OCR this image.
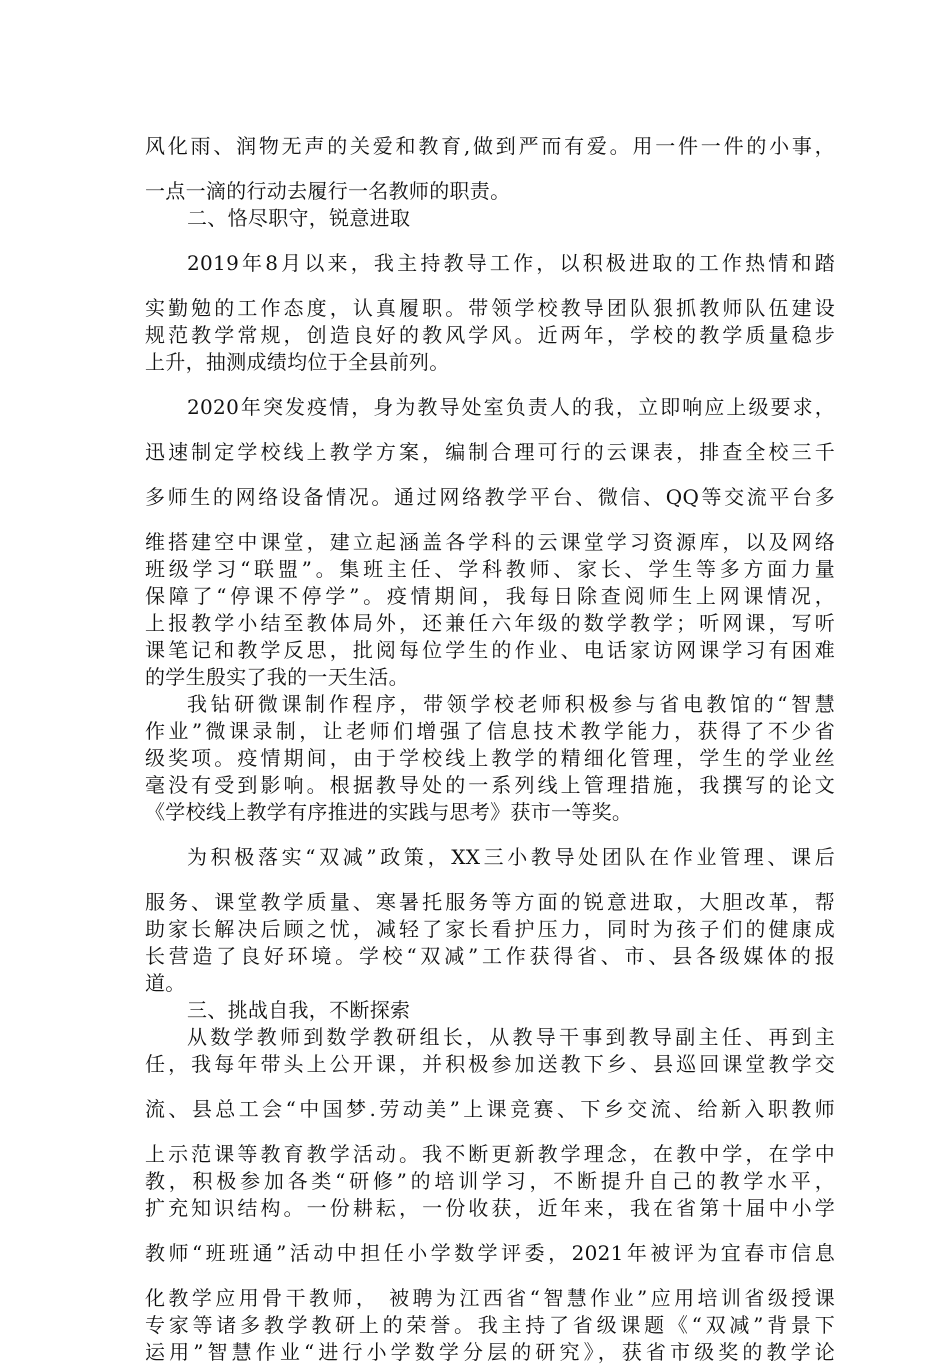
风化雨、润物无声的关爱和教育,做到严而有爱。用一件一件的小事，
一点一滴的行动去履行一名教师的职责。
二、恪尽职守，锐意进取
2019年8月以来，我主持教导工作，以积极进取的工作热情和踏
实勤勉的工作态度，认真履职。带领学校教导团队狠抓教师队伍建设
规范教学常规，创造良好的教风学风。近两年，学校的教学质量稳步
上升，抽测成绩均位于全县前列。
2020年突发疫情，身为教导处室负责人的我，立即响应上级要求，
迅速制定学校线上教学方案，编制合理可行的云课表，排查全校三千
多师生的网络设备情况。通过网络教学平台、微信、QQ等交流平台多
维搭建空中课堂，建立起涵盖各学科的云课堂学习资源库，以及网络
班级学习“联盟”。集班主任、学科教师、家长、学生等多方面力量
保障了“停课不停学”。疫情期间，我每日除查阅师生上网课情况，
上报教学小结至教体局外，还兼任六年级的数学教学；听网课，写听
课笔记和教学反思，批阅每位学生的作业、电话家访网课学习有困难
的学生殷实了我的一天生活。
我钻研微课制作程序，带领学校老师积极参与省电教馆的“智慧
作业”微课录制，让老师们增强了信息技术教学能力，获得了不少省
级奖项。疫情期间，由于学校线上教学的精细化管理，学生的学业丝
毫没有受到影响。根据教导处的一系列线上管理措施，我撰写的论文
《学校线上教学有序推进的实践与思考》获市一等奖。
为积极落实“双减”政策，XX三小教导处团队在作业管理、课后
服务、课堂教学质量、寒暑托服务等方面的锐意进取，大胆改革，帮
助家长解决后顾之忧，减轻了家长看护压力，同时为孩子们的健康成
长营造了良好环境。学校“双减”工作获得省、市、县各级媒体的报
道。
三、挑战自我，不断探索
从数学教师到数学教研组长，从教导干事到教导副主任、再到主
任，我每年带头上公开课，并积极参加送教下乡、县巡回课堂教学交
流、县总工会“中国梦.劳动美”上课竞赛、下乡交流、给新入职教师
上示范课等教育教学活动。我不断更新教学理念，在教中学，在学中
教，积极参加各类“研修”的培训学习，不断提升自己的教学水平，
扩充知识结构。一份耕耘，一份收获，近年来，我在省第十届中小学
教师“班班通”活动中担任小学数学评委，2021年被评为宜春市信息
化教学应用骨干教师， 被聘为江西省“智慧作业”应用培训省级授课
专家等诸多教学教研上的荣誉。我主持了省级课题《“双减”背景下
运用”智慧作业“进行小学数学分层的研究》，获省市级奖的教学论
